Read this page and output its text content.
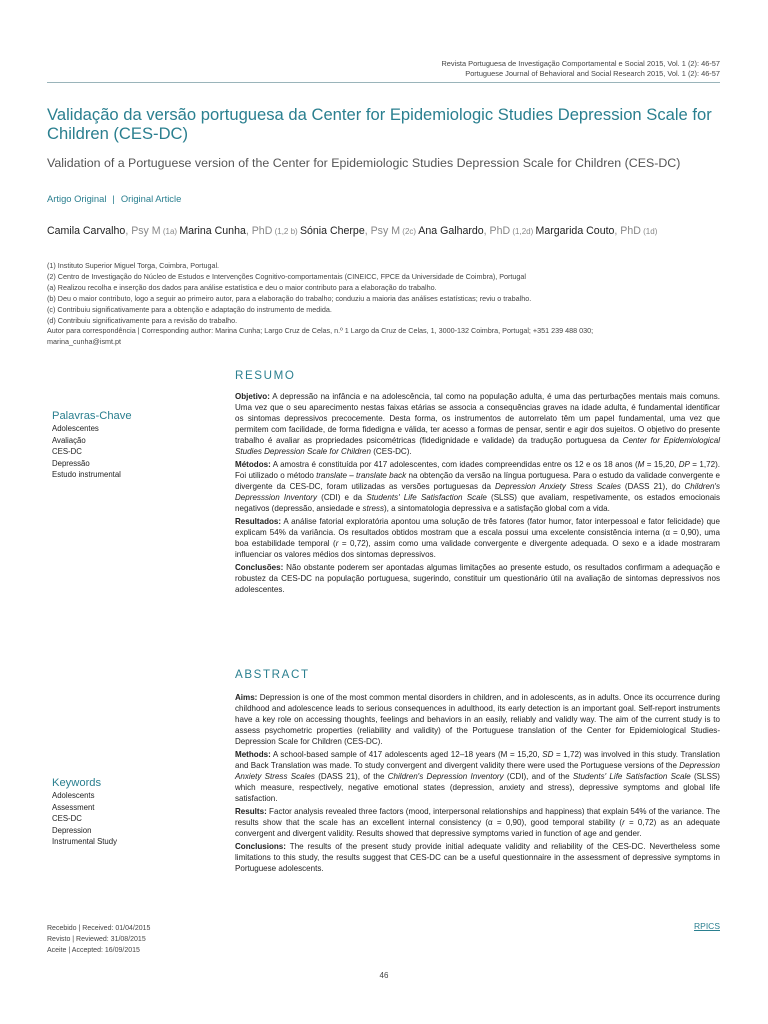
Revista Portuguesa de Investigação Comportamental e Social 2015, Vol. 1 (2): 46-57
Portuguese Journal of Behavioral and Social Research 2015, Vol. 1 (2): 46-57
Validação da versão portuguesa da Center for Epidemiologic Studies Depression Scale for Children (CES-DC)
Validation of a Portuguese version of the Center for Epidemiologic Studies Depression Scale for Children (CES-DC)
Artigo Original | Original Article
Camila Carvalho, Psy M (1a) Marina Cunha, PhD (1,2 b) Sónia Cherpe, Psy M (2c) Ana Galhardo, PhD (1,2d) Margarida Couto, PhD (1d)
(1) Instituto Superior Miguel Torga, Coimbra, Portugal.
(2) Centro de Investigação do Núcleo de Estudos e Intervenções Cognitivo-comportamentais (CINEICC, FPCE da Universidade de Coimbra), Portugal
(a) Realizou recolha e inserção dos dados para análise estatística e deu o maior contributo para a elaboração do trabalho.
(b) Deu o maior contributo, logo a seguir ao primeiro autor, para a elaboração do trabalho; conduziu a maioria das análises estatísticas; reviu o trabalho.
(c) Contribuiu significativamente para a obtenção e adaptação do instrumento de medida.
(d) Contribuiu significativamente para a revisão do trabalho.
Autor para correspondência | Corresponding author: Marina Cunha; Largo Cruz de Celas, n.º 1 Largo da Cruz de Celas, 1, 3000-132 Coimbra, Portugal; +351 239 488 030;
marina_cunha@ismt.pt
RESUMO
Palavras-Chave
Adolescentes
Avaliação
CES-DC
Depressão
Estudo instrumental

Objetivo: A depressão na infância e na adolescência, tal como na população adulta, é uma das perturbações mentais mais comuns. Uma vez que o seu aparecimento nestas faixas etárias se associa a consequências graves na idade adulta, é fundamental identificar os sintomas depressivos precocemente. Desta forma, os instrumentos de autorrelato têm um papel fundamental, uma vez que permitem com facilidade, de forma fidedigna e válida, ter acesso a formas de pensar, sentir e agir dos sujeitos. O objetivo do presente trabalho é avaliar as propriedades psicométricas (fidedignidade e validade) da tradução portuguesa da Center for Epidemiological Studies Depression Scale for Children (CES-DC).

Métodos: A amostra é constituída por 417 adolescentes, com idades compreendidas entre os 12 e os 18 anos (M = 15,20, DP = 1,72). Foi utilizado o método translate – translate back na obtenção da versão na língua portuguesa. Para o estudo da validade convergente e divergente da CES-DC, foram utilizadas as versões portuguesas da Depression Anxiety Stress Scales (DASS 21), do Children's Depresssion Inventory (CDI) e da Students' Life Satisfaction Scale (SLSS) que avaliam, respetivamente, os estados emocionais negativos (depressão, ansiedade e stress), a sintomatologia depressiva e a satisfação global com a vida.

Resultados: A análise fatorial exploratória apontou uma solução de três fatores (fator humor, fator interpessoal e fator felicidade) que explicam 54% da variância. Os resultados obtidos mostram que a escala possui uma excelente consistência interna (α = 0,90), uma boa estabilidade temporal (r = 0,72), assim como uma validade convergente e divergente adequada. O sexo e a idade mostraram influenciar os valores médios dos sintomas depressivos.

Conclusões: Não obstante poderem ser apontadas algumas limitações ao presente estudo, os resultados confirmam a adequação e robustez da CES-DC na população portuguesa, sugerindo, constituir um questionário útil na avaliação de sintomas depressivos nos adolescentes.

ABSTRACT
Keywords
Adolescents
Assessment
CES-DC
Depression
Instrumental Study

Aims: Depression is one of the most common mental disorders in children, and in adolescents, as in adults. Once its occurrence during childhood and adolescence leads to serious consequences in adulthood, its early detection is an important goal. Self-report instruments have a key role on accessing thoughts, feelings and behaviors in an easily, reliably and validly way. The aim of the current study is to assess psychometric properties (reliability and validity) of the Portuguese translation of the Center for Epidemiological Studies-Depression Scale for Children (CES-DC).

Methods: A school-based sample of 417 adolescents aged 12–18 years (M = 15,20, SD = 1,72) was involved in this study. Translation and Back Translation was made. To study convergent and divergent validity there were used the Portuguese versions of the Depression Anxiety Stress Scales (DASS 21), of the Children's Depression Inventory (CDI), and of the Students' Life Satisfaction Scale (SLSS) which measure, respectively, negative emotional states (depression, anxiety and stress), depressive symptoms and global life satisfaction.

Results: Factor analysis revealed three factors (mood, interpersonal relationships and happiness) that explain 54% of the variance. The results show that the scale has an excellent internal consistency (α = 0,90), good temporal stability (r = 0,72) as an adequate convergent and divergent validity. Results showed that depressive symptoms varied in function of age and gender.

Conclusions: The results of the present study provide initial adequate validity and reliability of the CES-DC. Nevertheless some limitations to this study, the results suggest that CES-DC can be a useful questionnaire in the assessment of depressive symptoms in Portuguese adolescents.

Recebido | Received: 01/04/2015
Revisto | Reviewed: 31/08/2015
Aceite | Accepted: 16/09/2015
RPICS
46
